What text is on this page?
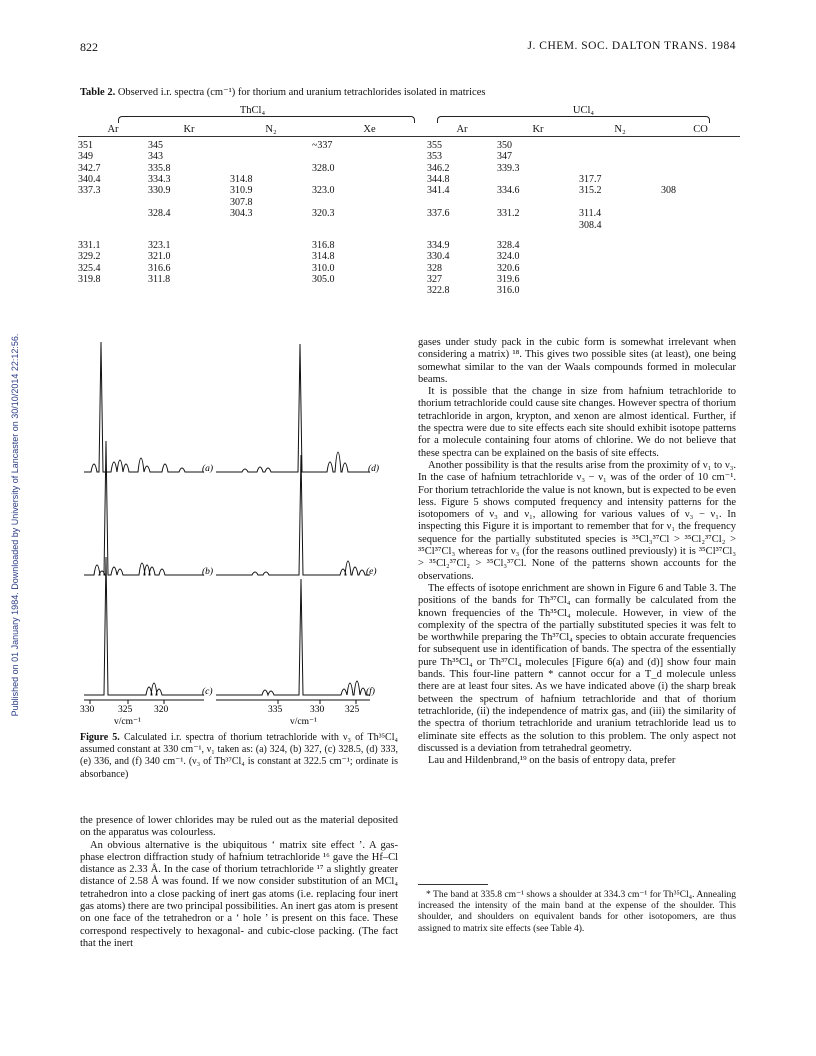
Published on 01 January 1984. Downloaded by University of Lancaster on 30/10/2014 22:12:56.
822	J. CHEM. SOC. DALTON TRANS. 1984
Table 2. Observed i.r. spectra (cm⁻¹) for thorium and uranium tetrachlorides isolated in matrices
ThCl₄				UCl₄			

Ar	Kr	N₂	Xe	Ar	Kr	N₂	CO

351	345		~337	355	350		
349	343			353	347		
342.7	335.8		328.0	346.2	339.3		
340.4	334.3	314.8		344.8		317.7	
337.3	330.9	310.9	323.0	341.4	334.6	315.2	308
		307.8					
	328.4	304.3	320.3	337.6	331.2	311.4	
						308.4	
331.1	323.1		316.8	334.9	328.4		
329.2	321.0		314.8	330.4	324.0		
325.4	316.6		310.0	328	320.6		
319.8	311.8		305.0	327	319.6		
				322.8	316.0		
(a)
(b)
(c)
(d)
(e)
(f)
330	325 320	335	330 325
v/cm⁻¹	v/cm⁻¹
Figure 5. Calculated i.r. spectra of thorium tetrachloride with ν₃ of Th³⁵Cl₄ assumed constant at 330 cm⁻¹, ν₁ taken as: (a) 324, (b) 327, (c) 328.5, (d) 333, (e) 336, and (f) 340 cm⁻¹. (ν₃ of Th³⁷Cl₄ is constant at 322.5 cm⁻¹; ordinate is absorbance)

the presence of lower chlorides may be ruled out as the material deposited on the apparatus was colourless.

An obvious alternative is the ubiquitous ‘ matrix site effect ’. A gas-phase electron diffraction study of hafnium tetrachloride ¹⁶ gave the Hf–Cl distance as 2.33 Å. In the case of thorium tetrachloride ¹⁷ a slightly greater distance of 2.58 Å was found. If we now consider substitution of an MCl₄ tetrahedron into a close packing of inert gas atoms (i.e. replacing four inert gas atoms) there are two principal possibilities. An inert gas atom is present on one face of the tetrahedron or a ‘ hole ’ is present on this face. These correspond respectively to hexagonal- and cubic-close packing. (The fact that the inert

gases under study pack in the cubic form is somewhat irrelevant when considering a matrix) ¹⁸. This gives two possible sites (at least), one being somewhat similar to the van der Waals compounds formed in molecular beams.

It is possible that the change in size from hafnium tetrachloride to thorium tetrachloride could cause site changes. However spectra of thorium tetrachloride in argon, krypton, and xenon are almost identical. Further, if the spectra were due to site effects each site should exhibit isotope patterns for a molecule containing four atoms of chlorine. We do not believe that these spectra can be explained on the basis of site effects.

Another possibility is that the results arise from the proximity of ν₁ to ν₃. In the case of hafnium tetrachloride ν₃ − ν₁ was of the order of 10 cm⁻¹. For thorium tetrachloride the value is not known, but is expected to be even less. Figure 5 shows computed frequency and intensity patterns for the isotopomers of ν₃ and ν₁, allowing for various values of ν₃ − ν₁. In inspecting this Figure it is important to remember that for ν₁ the frequency sequence for the partially substituted species is ³⁵Cl₃³⁷Cl > ³⁵Cl₂³⁷Cl₂ > ³⁵Cl³⁷Cl₃ whereas for ν₃ (for the reasons outlined previously) it is ³⁵Cl³⁷Cl₃ > ³⁵Cl₂³⁷Cl₂ > ³⁵Cl₃³⁷Cl. None of the patterns shown accounts for the observations.

The effects of isotope enrichment are shown in Figure 6 and Table 3. The positions of the bands for Th³⁷Cl₄ can formally be calculated from the known frequencies of the Th³⁵Cl₄ molecule. However, in view of the complexity of the spectra of the partially substituted species it was felt to be worthwhile preparing the Th³⁷Cl₄ species to obtain accurate frequencies for subsequent use in identification of bands. The spectra of the essentially pure Th³⁵Cl₄ or Th³⁷Cl₄ molecules [Figure 6(a) and (d)] show four main bands. This four-line pattern * cannot occur for a T_d molecule unless there are at least four sites. As we have indicated above (i) the sharp break between the spectrum of hafnium tetrachloride and that of thorium tetrachloride, (ii) the independence of matrix gas, and (iii) the similarity of the spectra of thorium tetrachloride and uranium tetrachloride lead us to eliminate site effects as the solution to this problem. The only aspect not discussed is a deviation from tetrahedral geometry.

Lau and Hildenbrand,¹⁹ on the basis of entropy data, prefer

* The band at 335.8 cm⁻¹ shows a shoulder at 334.3 cm⁻¹ for Th³⁵Cl₄. Annealing increased the intensity of the main band at the expense of the shoulder. This shoulder, and shoulders on equivalent bands for other isotopomers, are thus assigned to matrix site effects (see Table 4).
